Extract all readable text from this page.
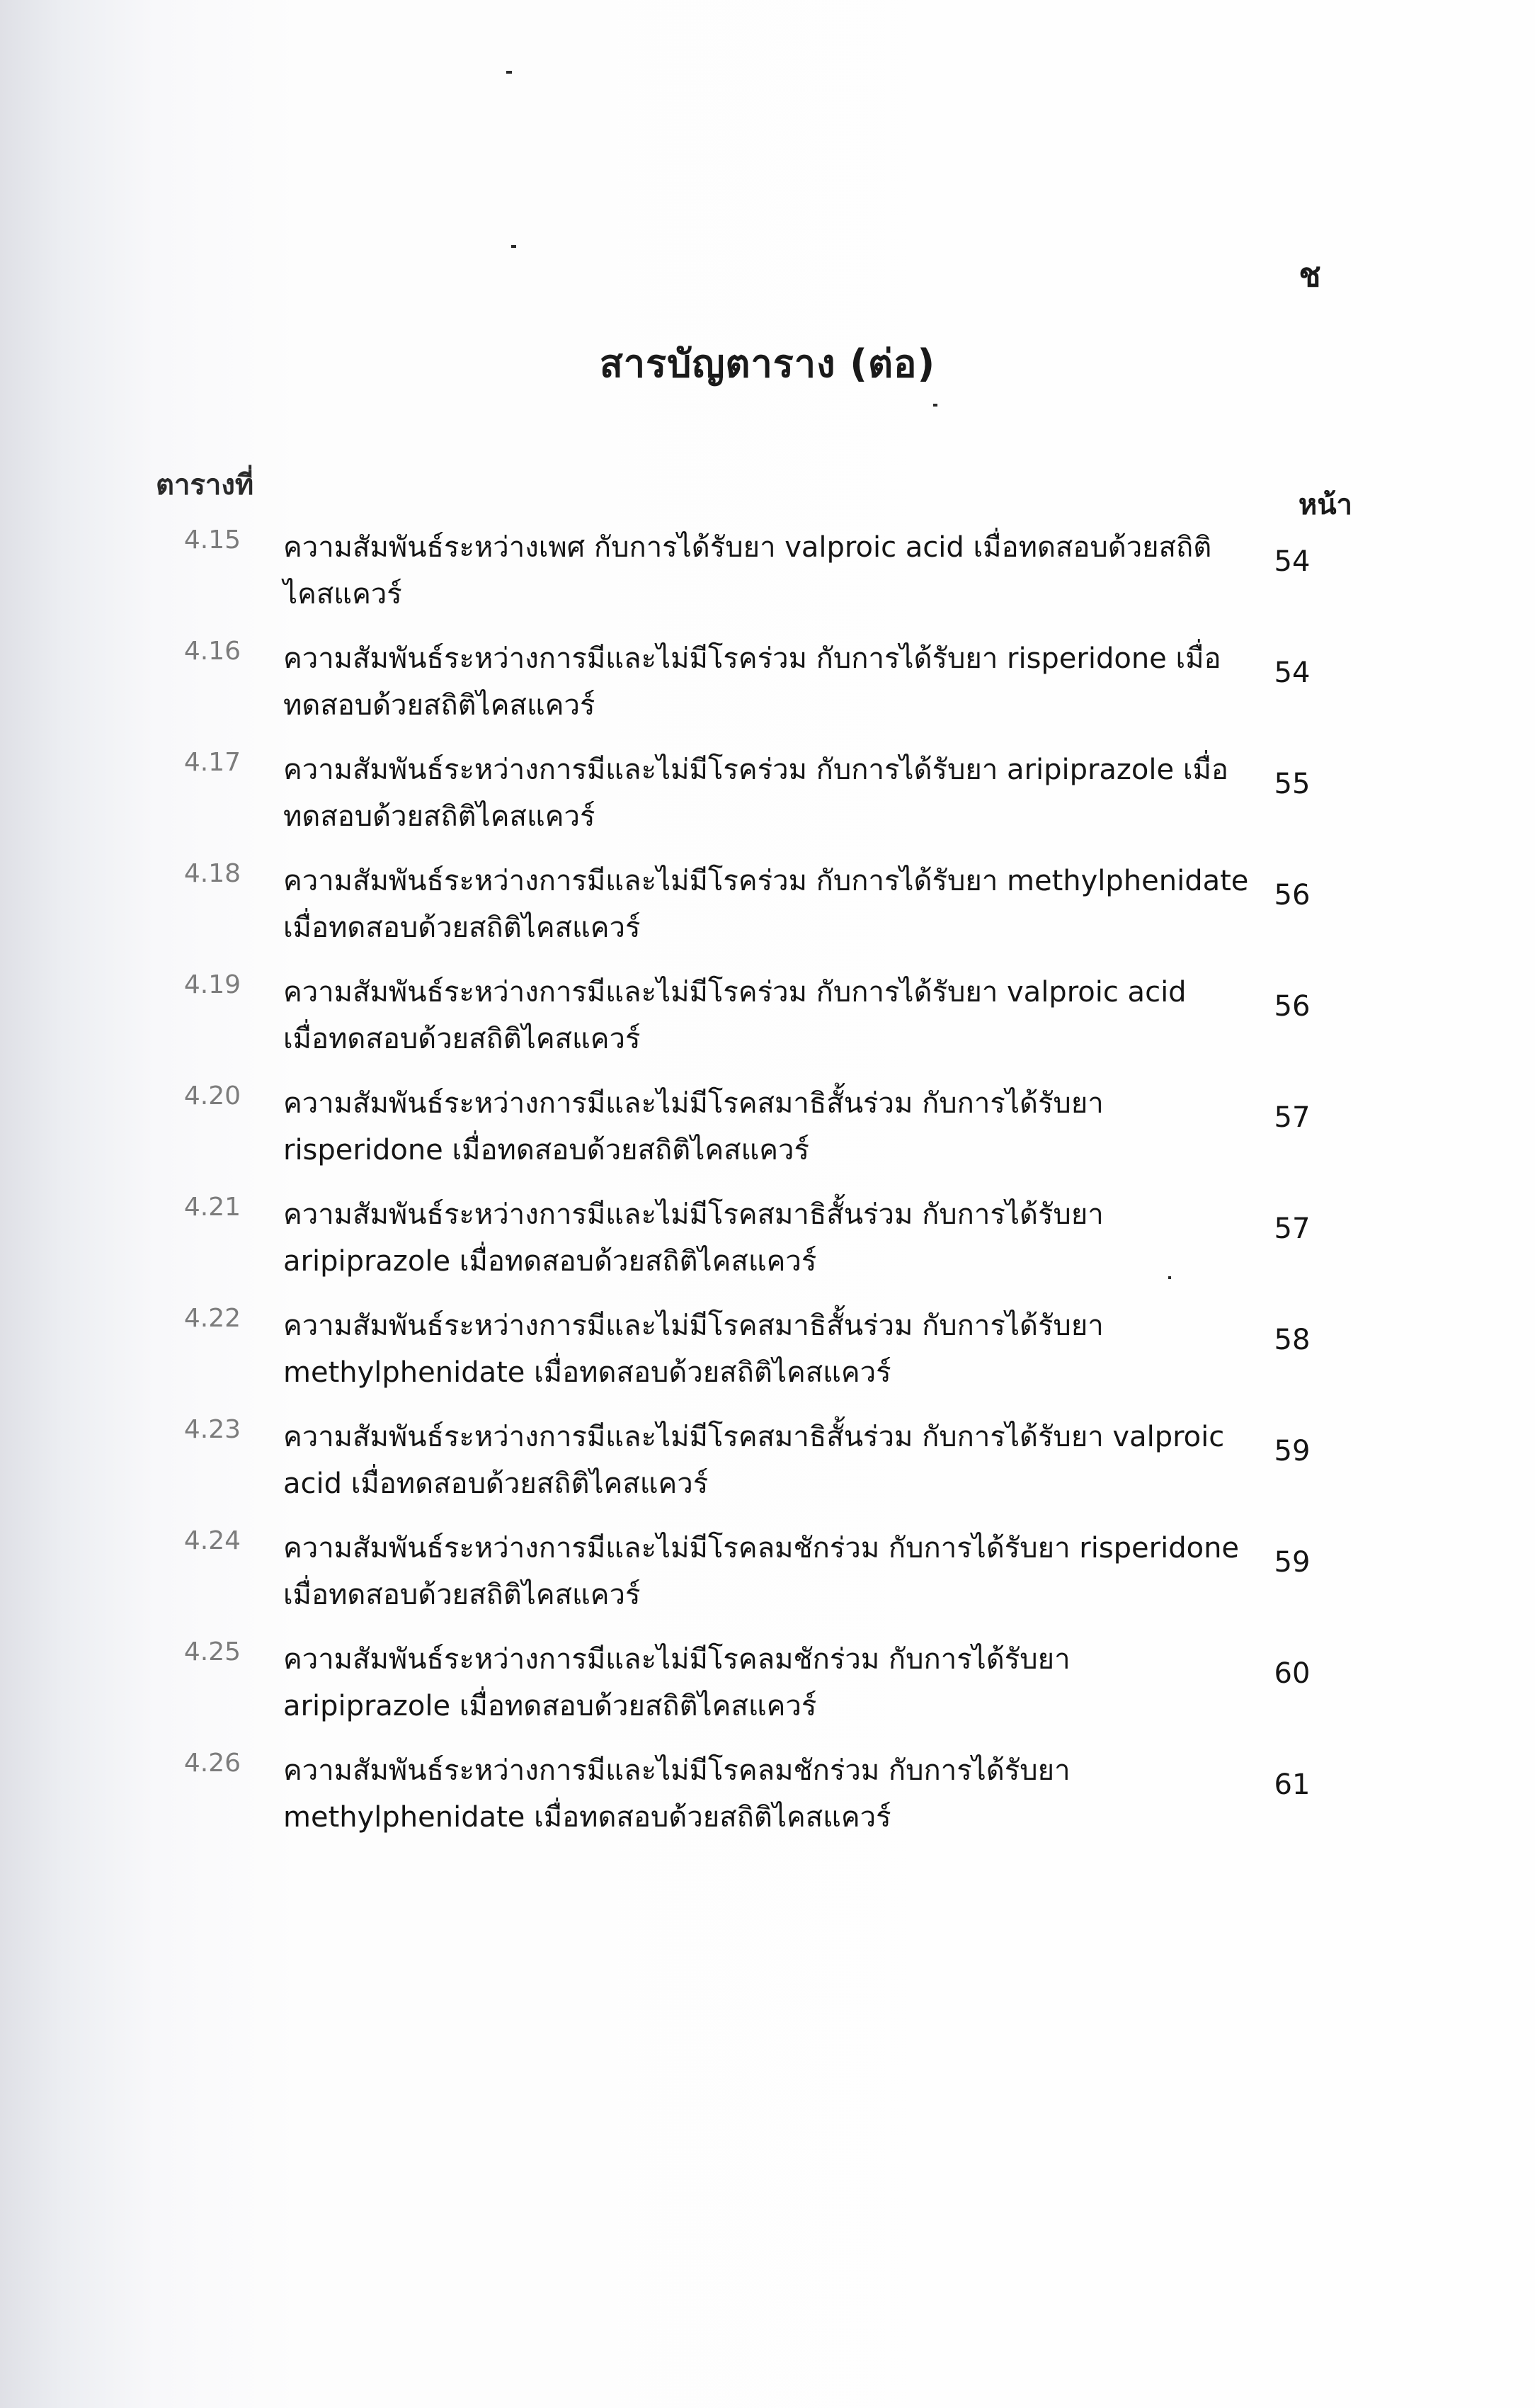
ช
สารบัญตาราง (ต่อ)
ตารางที่
หน้า
4.15 ความสัมพันธ์ระหว่างเพศ กับการได้รับยา valproic acid เมื่อทดสอบด้วยสถิติ
ไคสแควร์
54
4.16 ความสัมพันธ์ระหว่างการมีและไม่มีโรคร่วม กับการได้รับยา risperidone เมื่อ
ทดสอบด้วยสถิติไคสแควร์
54
4.17 ความสัมพันธ์ระหว่างการมีและไม่มีโรคร่วม กับการได้รับยา aripiprazole เมื่อ
ทดสอบด้วยสถิติไคสแควร์
55
4.18 ความสัมพันธ์ระหว่างการมีและไม่มีโรคร่วม กับการได้รับยา methylphenidate
เมื่อทดสอบด้วยสถิติไคสแควร์
56
4.19 ความสัมพันธ์ระหว่างการมีและไม่มีโรคร่วม กับการได้รับยา valproic acid
เมื่อทดสอบด้วยสถิติไคสแควร์
56
4.20 ความสัมพันธ์ระหว่างการมีและไม่มีโรคสมาธิสั้นร่วม กับการได้รับยา
risperidone เมื่อทดสอบด้วยสถิติไคสแควร์
57
4.21 ความสัมพันธ์ระหว่างการมีและไม่มีโรคสมาธิสั้นร่วม กับการได้รับยา
aripiprazole เมื่อทดสอบด้วยสถิติไคสแควร์
57
4.22 ความสัมพันธ์ระหว่างการมีและไม่มีโรคสมาธิสั้นร่วม กับการได้รับยา
methylphenidate เมื่อทดสอบด้วยสถิติไคสแควร์
58
4.23 ความสัมพันธ์ระหว่างการมีและไม่มีโรคสมาธิสั้นร่วม กับการได้รับยา valproic
acid เมื่อทดสอบด้วยสถิติไคสแควร์
59
4.24 ความสัมพันธ์ระหว่างการมีและไม่มีโรคลมชักร่วม กับการได้รับยา risperidone
เมื่อทดสอบด้วยสถิติไคสแควร์
59
4.25 ความสัมพันธ์ระหว่างการมีและไม่มีโรคลมชักร่วม กับการได้รับยา
aripiprazole เมื่อทดสอบด้วยสถิติไคสแควร์
60
4.26 ความสัมพันธ์ระหว่างการมีและไม่มีโรคลมชักร่วม กับการได้รับยา
methylphenidate เมื่อทดสอบด้วยสถิติไคสแควร์
61
